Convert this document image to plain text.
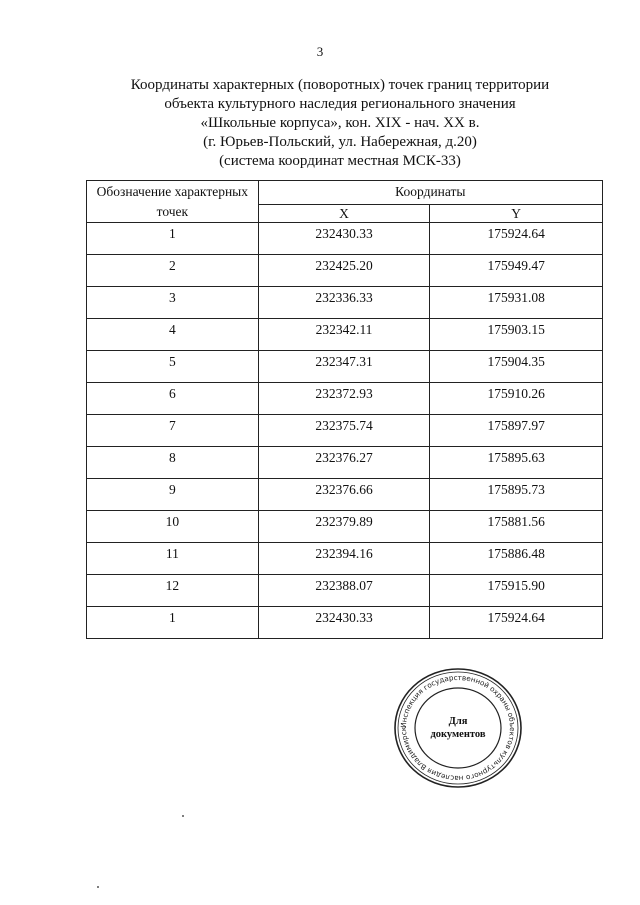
3
Координаты характерных (поворотных) точек границ территории
объекта культурного наследия регионального значения
«Школьные корпуса», кон. XIX - нач. XX в.
(г. Юрьев-Польский, ул. Набережная, д.20)
(система координат местная МСК-33)
Обозначение характерных точек	Координаты	
	X	Y
1	232430.33	175924.64
2	232425.20	175949.47
3	232336.33	175931.08
4	232342.11	175903.15
5	232347.31	175904.35
6	232372.93	175910.26
7	232375.74	175897.97
8	232376.27	175895.63
9	232376.66	175895.73
10	232379.89	175881.56
11	232394.16	175886.48
12	232388.07	175915.90
1	232430.33	175924.64
Инспекция государственной охраны объектов культурного наследия Владимирск
Для
документов
